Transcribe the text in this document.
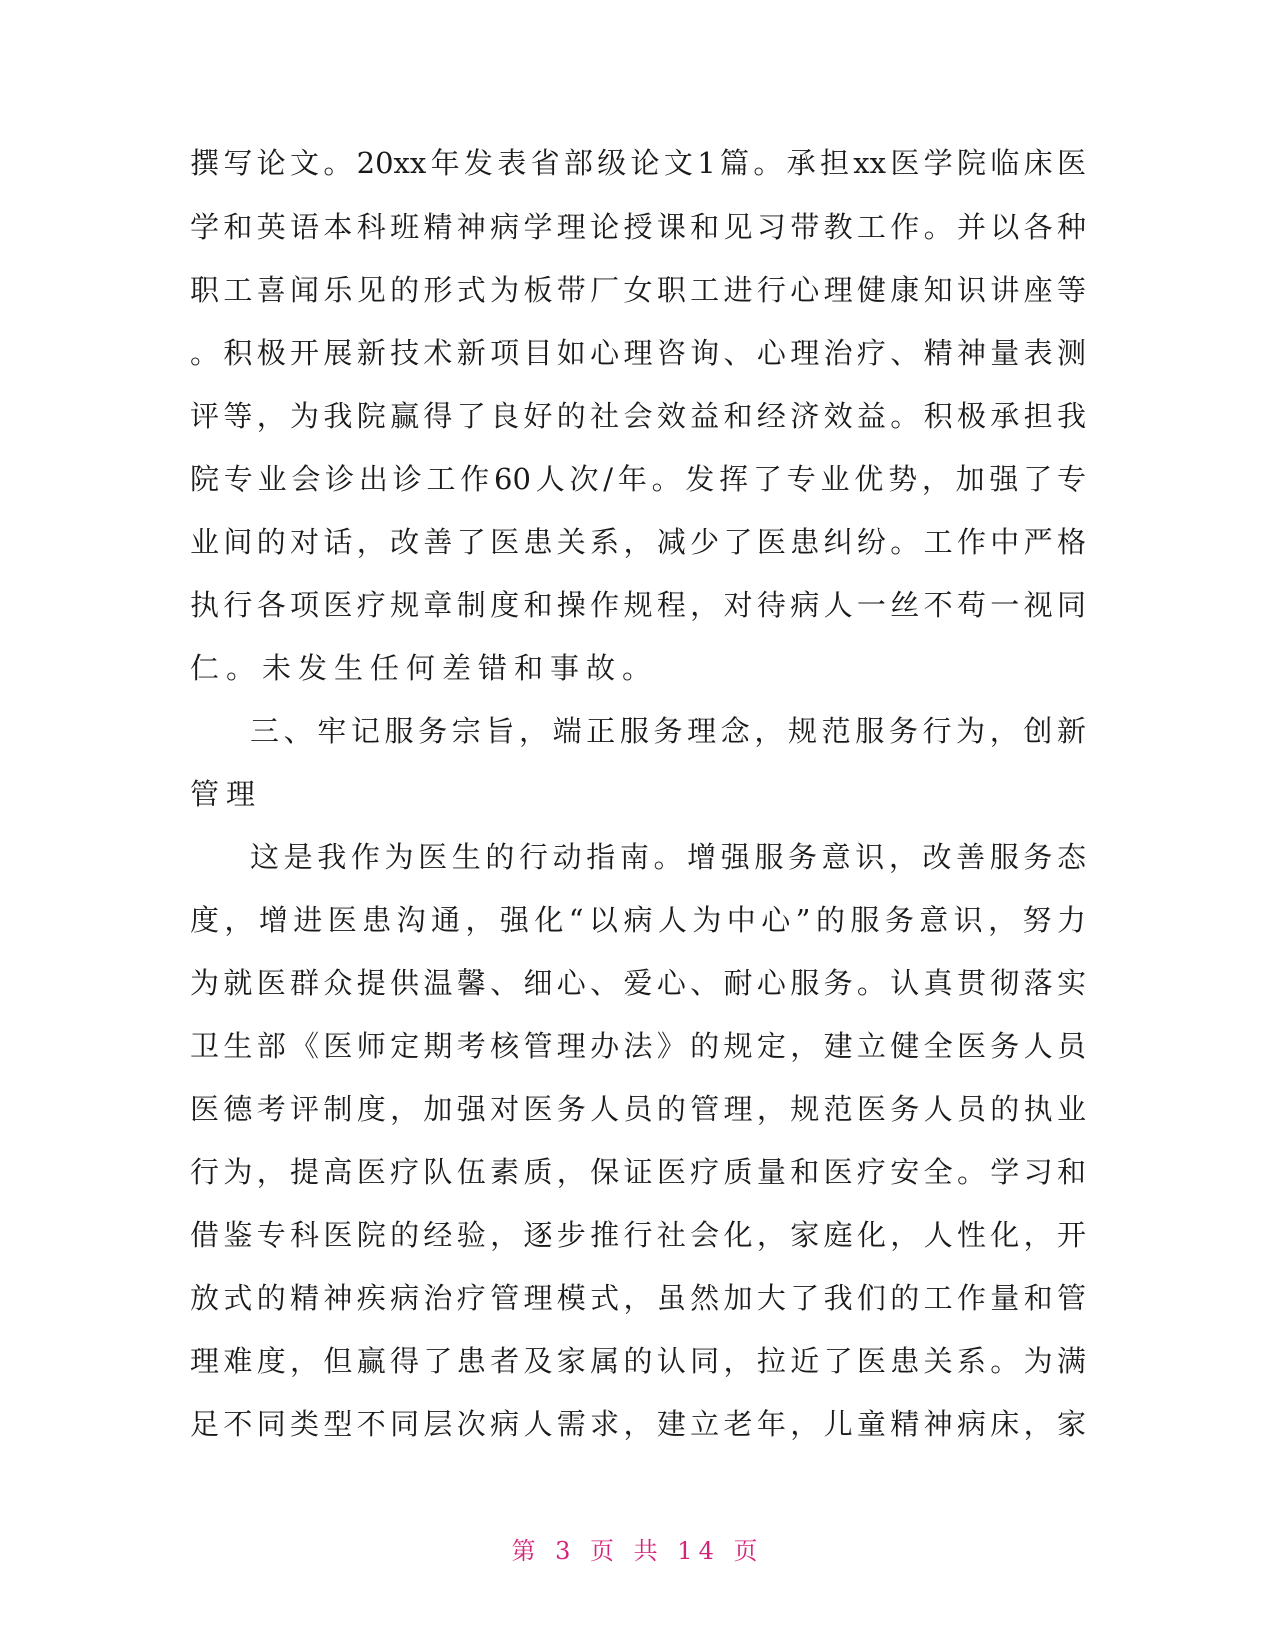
撰写论文。20xx年发表省部级论文1篇。承担xx医学院临床医
学和英语本科班精神病学理论授课和见习带教工作。并以各种
职工喜闻乐见的形式为板带厂女职工进行心理健康知识讲座等
。积极开展新技术新项目如心理咨询、心理治疗、精神量表测
评等，为我院赢得了良好的社会效益和经济效益。积极承担我
院专业会诊出诊工作60人次/年。发挥了专业优势，加强了专
业间的对话，改善了医患关系，减少了医患纠纷。工作中严格
执行各项医疗规章制度和操作规程，对待病人一丝不苟一视同
仁。未发生任何差错和事故。
三、牢记服务宗旨，端正服务理念，规范服务行为，创新
管理
这是我作为医生的行动指南。增强服务意识，改善服务态
度，增进医患沟通，强化“以病人为中心”的服务意识，努力
为就医群众提供温馨、细心、爱心、耐心服务。认真贯彻落实
卫生部《医师定期考核管理办法》的规定，建立健全医务人员
医德考评制度，加强对医务人员的管理，规范医务人员的执业
行为，提高医疗队伍素质，保证医疗质量和医疗安全。学习和
借鉴专科医院的经验，逐步推行社会化，家庭化，人性化，开
放式的精神疾病治疗管理模式，虽然加大了我们的工作量和管
理难度，但赢得了患者及家属的认同，拉近了医患关系。为满
足不同类型不同层次病人需求，建立老年，儿童精神病床，家
第 3 页 共 14 页
